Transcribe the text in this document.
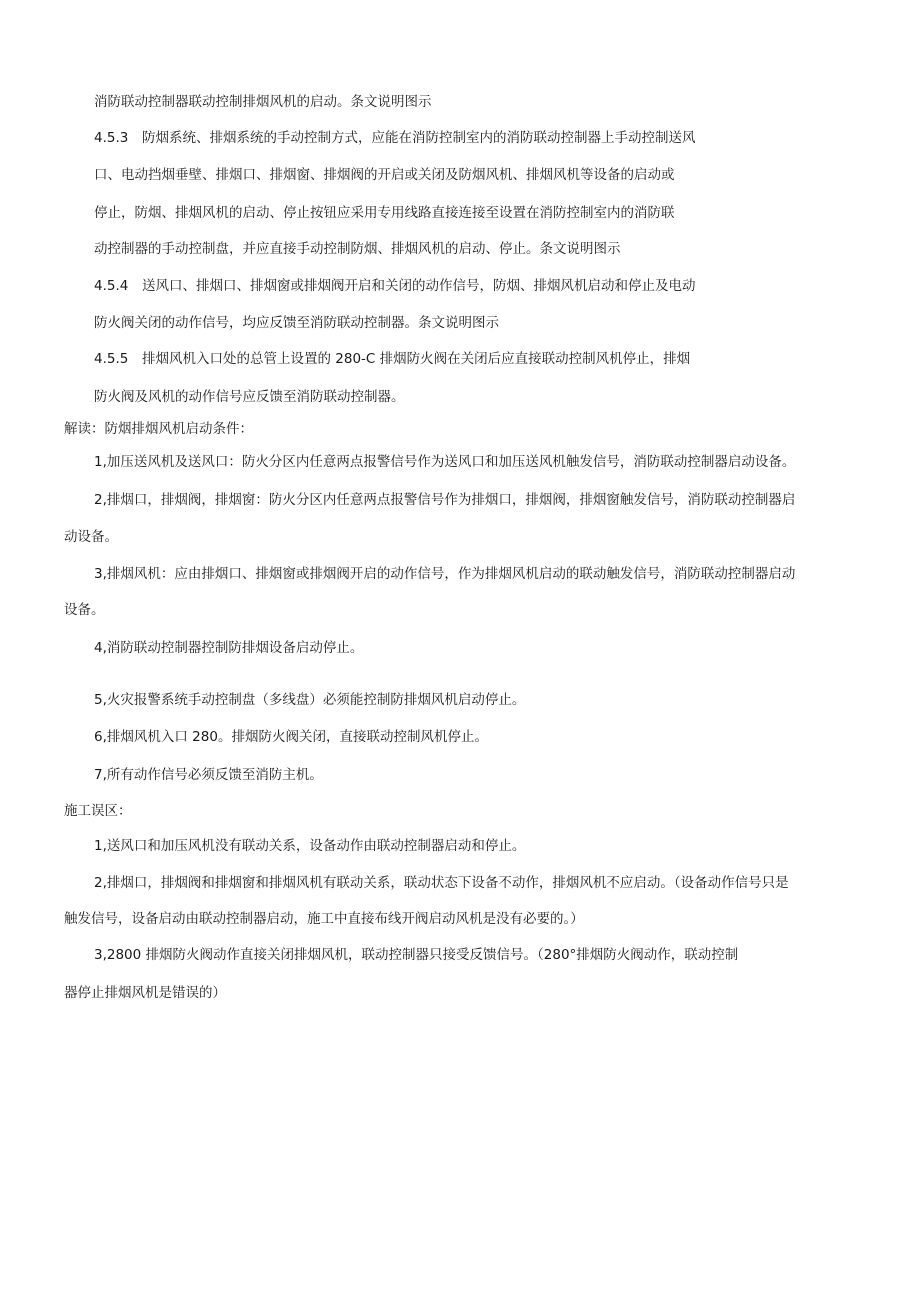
消防联动控制器联动控制排烟风机的启动。条文说明图示
4.5.3 防烟系统、排烟系统的手动控制方式，应能在消防控制室内的消防联动控制器上手动控制送风
口、电动挡烟垂壁、排烟口、排烟窗、排烟阀的开启或关闭及防烟风机、排烟风机等设备的启动或
停止，防烟、排烟风机的启动、停止按钮应采用专用线路直接连接至设置在消防控制室内的消防联
动控制器的手动控制盘，并应直接手动控制防烟、排烟风机的启动、停止。条文说明图示
4.5.4 送风口、排烟口、排烟窗或排烟阀开启和关闭的动作信号，防烟、排烟风机启动和停止及电动
防火阀关闭的动作信号，均应反馈至消防联动控制器。条文说明图示
4.5.5 排烟风机入口处的总管上设置的 280-C 排烟防火阀在关闭后应直接联动控制风机停止，排烟
防火阀及风机的动作信号应反馈至消防联动控制器。
解读：防烟排烟风机启动条件：
1,加压送风机及送风口：防火分区内任意两点报警信号作为送风口和加压送风机触发信号，消防联动控制器启动设备。
2,排烟口，排烟阀，排烟窗：防火分区内任意两点报警信号作为排烟口，排烟阀，排烟窗触发信号，消防联动控制器启
动设备。
3,排烟风机：应由排烟口、排烟窗或排烟阀开启的动作信号，作为排烟风机启动的联动触发信号，消防联动控制器启动
设备。
4,消防联动控制器控制防排烟设备启动停止。
5,火灾报警系统手动控制盘（多线盘）必须能控制防排烟风机启动停止。
6,排烟风机入口 280。排烟防火阀关闭，直接联动控制风机停止。
7,所有动作信号必须反馈至消防主机。
施工误区：
1,送风口和加压风机没有联动关系，设备动作由联动控制器启动和停止。
2,排烟口，排烟阀和排烟窗和排烟风机有联动关系，联动状态下设备不动作，排烟风机不应启动。（设备动作信号只是
触发信号，设备启动由联动控制器启动，施工中直接布线开阀启动风机是没有必要的。）
3,2800 排烟防火阀动作直接关闭排烟风机，联动控制器只接受反馈信号。（280°排烟防火阀动作，联动控制
器停止排烟风机是错误的）
